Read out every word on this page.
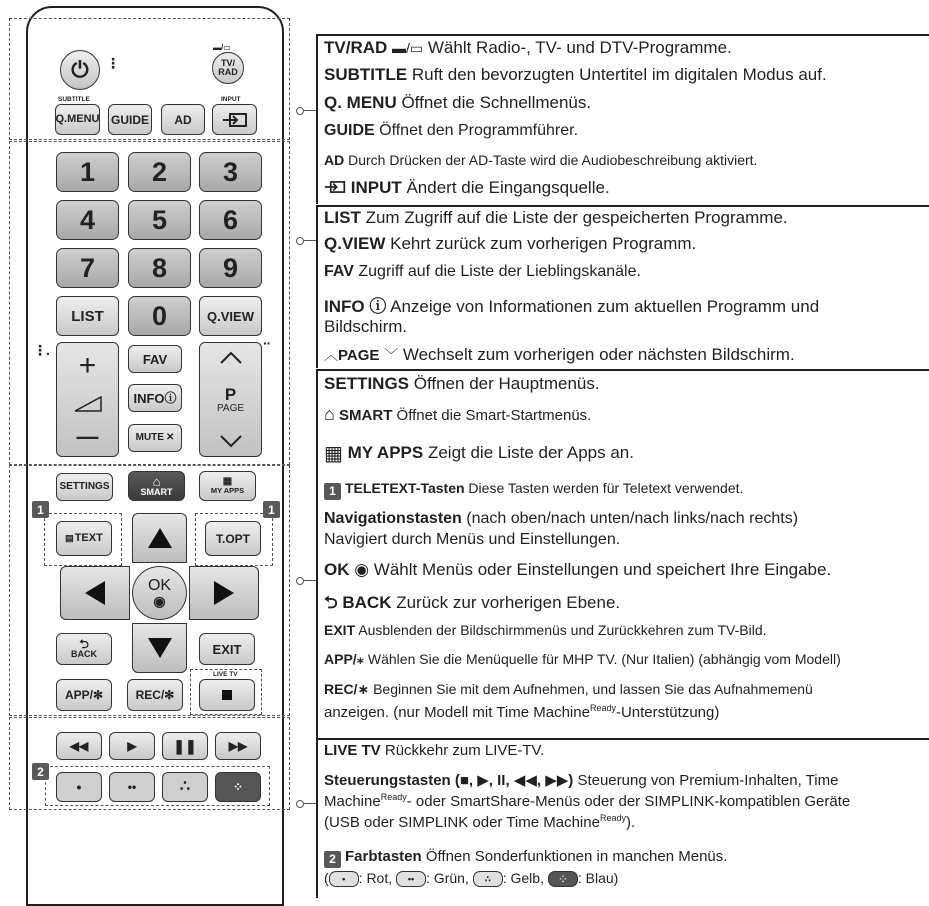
⏻	⋮
▬/▭
TV/
RAD
SUBTITLE	INPUT
Q.MENU GUIDE	AD
1	2	3
4	5	6
7	8	9
LIST	0	Q.VIEW
⋮.	··
+
—
FAV
INFO ⓘ
MUTE ✕
P
PAGE
SETTINGS	⌂
SMART
▦
MY APPS
1	1
▤ TEXT	T.OPT
OK
◉
⮌
BACK	EXIT
LIVE TV
APP/✻	REC/✻
◀◀	▶	❚❚	▶▶
2
•	••	∴	⁘
TV/RAD ▬/▭ Wählt Radio-, TV- und DTV-Programme.
SUBTITLE Ruft den bevorzugten Untertitel im digitalen Modus auf.
Q. MENU Öffnet die Schnellmenüs.
GUIDE Öffnet den Programmführer.
AD Durch Drücken der AD-Taste wird die Audiobeschreibung aktiviert.
INPUT Ändert die Eingangsquelle.
LIST Zum Zugriff auf die Liste der gespeicherten Programme.
Q.VIEW Kehrt zurück zum vorherigen Programm.
FAV Zugriff auf die Liste der Lieblingskanäle.
INFO ⓘ Anzeige von Informationen zum aktuellen Programm und
Bildschirm.
︿PAGE ﹀ Wechselt zum vorherigen oder nächsten Bildschirm.
SETTINGS Öffnen der Hauptmenüs.
⌂ SMART Öffnet die Smart-Startmenüs.
▦ MY APPS Zeigt die Liste der Apps an.
1 TELETEXT-Tasten Diese Tasten werden für Teletext verwendet.
Navigationstasten (nach oben/nach unten/nach links/nach rechts)
Navigiert durch Menüs und Einstellungen.
OK ◉ Wählt Menüs oder Einstellungen und speichert Ihre Eingabe.
⮌ BACK Zurück zur vorherigen Ebene.
EXIT Ausblenden der Bildschirmmenüs und Zurückkehren zum TV-Bild.
APP/⁎ Wählen Sie die Menüquelle für MHP TV. (Nur Italien) (abhängig vom Modell)
REC/∗ Beginnen Sie mit dem Aufnehmen, und lassen Sie das Aufnahmemenü
anzeigen. (nur Modell mit Time Machine$^{Ready}$-Unterstützung)
LIVE TV Rückkehr zum LIVE-TV.
Steuerungstasten (■, ▶, II, ◀◀, ▶▶) Steuerung von Premium-Inhalten, Time
Machine$^{Ready}$- oder SmartShare-Menüs oder der SIMPLINK-kompatiblen Geräte
(USB oder SIMPLINK oder Time Machine$^{Ready}$).
2 Farbtasten Öffnen Sonderfunktionen in manchen Menüs.
( • : Rot, •• : Grün, ∴ : Gelb, ⁘ : Blau)
